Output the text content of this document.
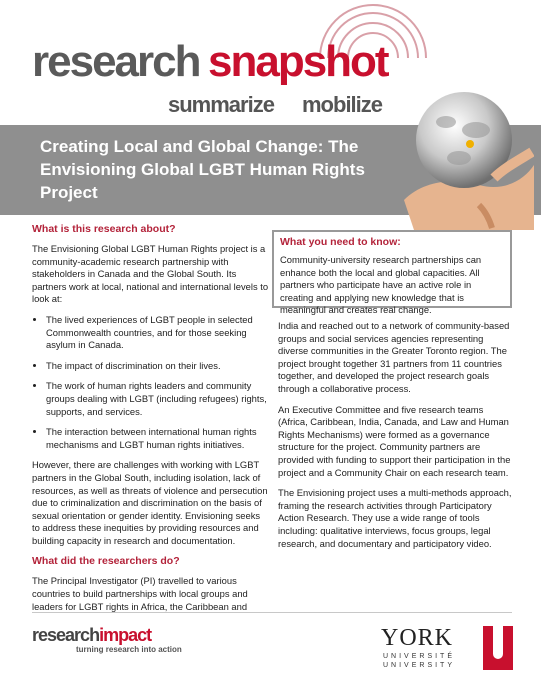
research snapshot
summarize mobilize
Creating Local and Global Change: The Envisioning Global LGBT Human Rights Project
What is this research about?

The Envisioning Global LGBT Human Rights project is a community-academic research partnership with stakeholders in Canada and the Global South. Its partners work at local, national and international levels to look at:

• The lived experiences of LGBT people in selected Commonwealth countries, and for those seeking asylum in Canada.
• The impact of discrimination on their lives.
• The work of human rights leaders and community groups dealing with LGBT (including refugees) rights, supports, and services.
• The interaction between international human rights mechanisms and LGBT human rights initiatives.

However, there are challenges with working with LGBT partners in the Global South, including isolation, lack of resources, as well as threats of violence and persecution due to criminalization and discrimination on the basis of sexual orientation or gender identity. Envisioning seeks to address these inequities by providing resources and building capacity in research and documentation.

What did the researchers do?

The Principal Investigator (PI) travelled to various countries to build partnerships with local groups and leaders for LGBT rights in Africa, the Caribbean and

What you need to know:

Community-university research partnerships can enhance both the local and global capacities. All partners who participate have an active role in creating and applying new knowledge that is meaningful and creates real change.

India and reached out to a network of community-based groups and social services agencies representing diverse communities in the Greater Toronto region. The project brought together 31 partners from 11 countries together, and developed the project research goals through a collaborative process.

An Executive Committee and five research teams (Africa, Caribbean, India, Canada, and Law and Human Rights Mechanisms) were formed as a governance structure for the project. Community partners are provided with funding to support their participation in the project and a Community Chair on each research team.

The Envisioning project uses a multi-methods approach, framing the research activities through Participatory Action Research. They use a wide range of tools including: qualitative interviews, focus groups, legal research, and documentary and participatory video.

researchimpact
turning research into action	YORK
UNIVERSITÉ
UNIVERSITY
